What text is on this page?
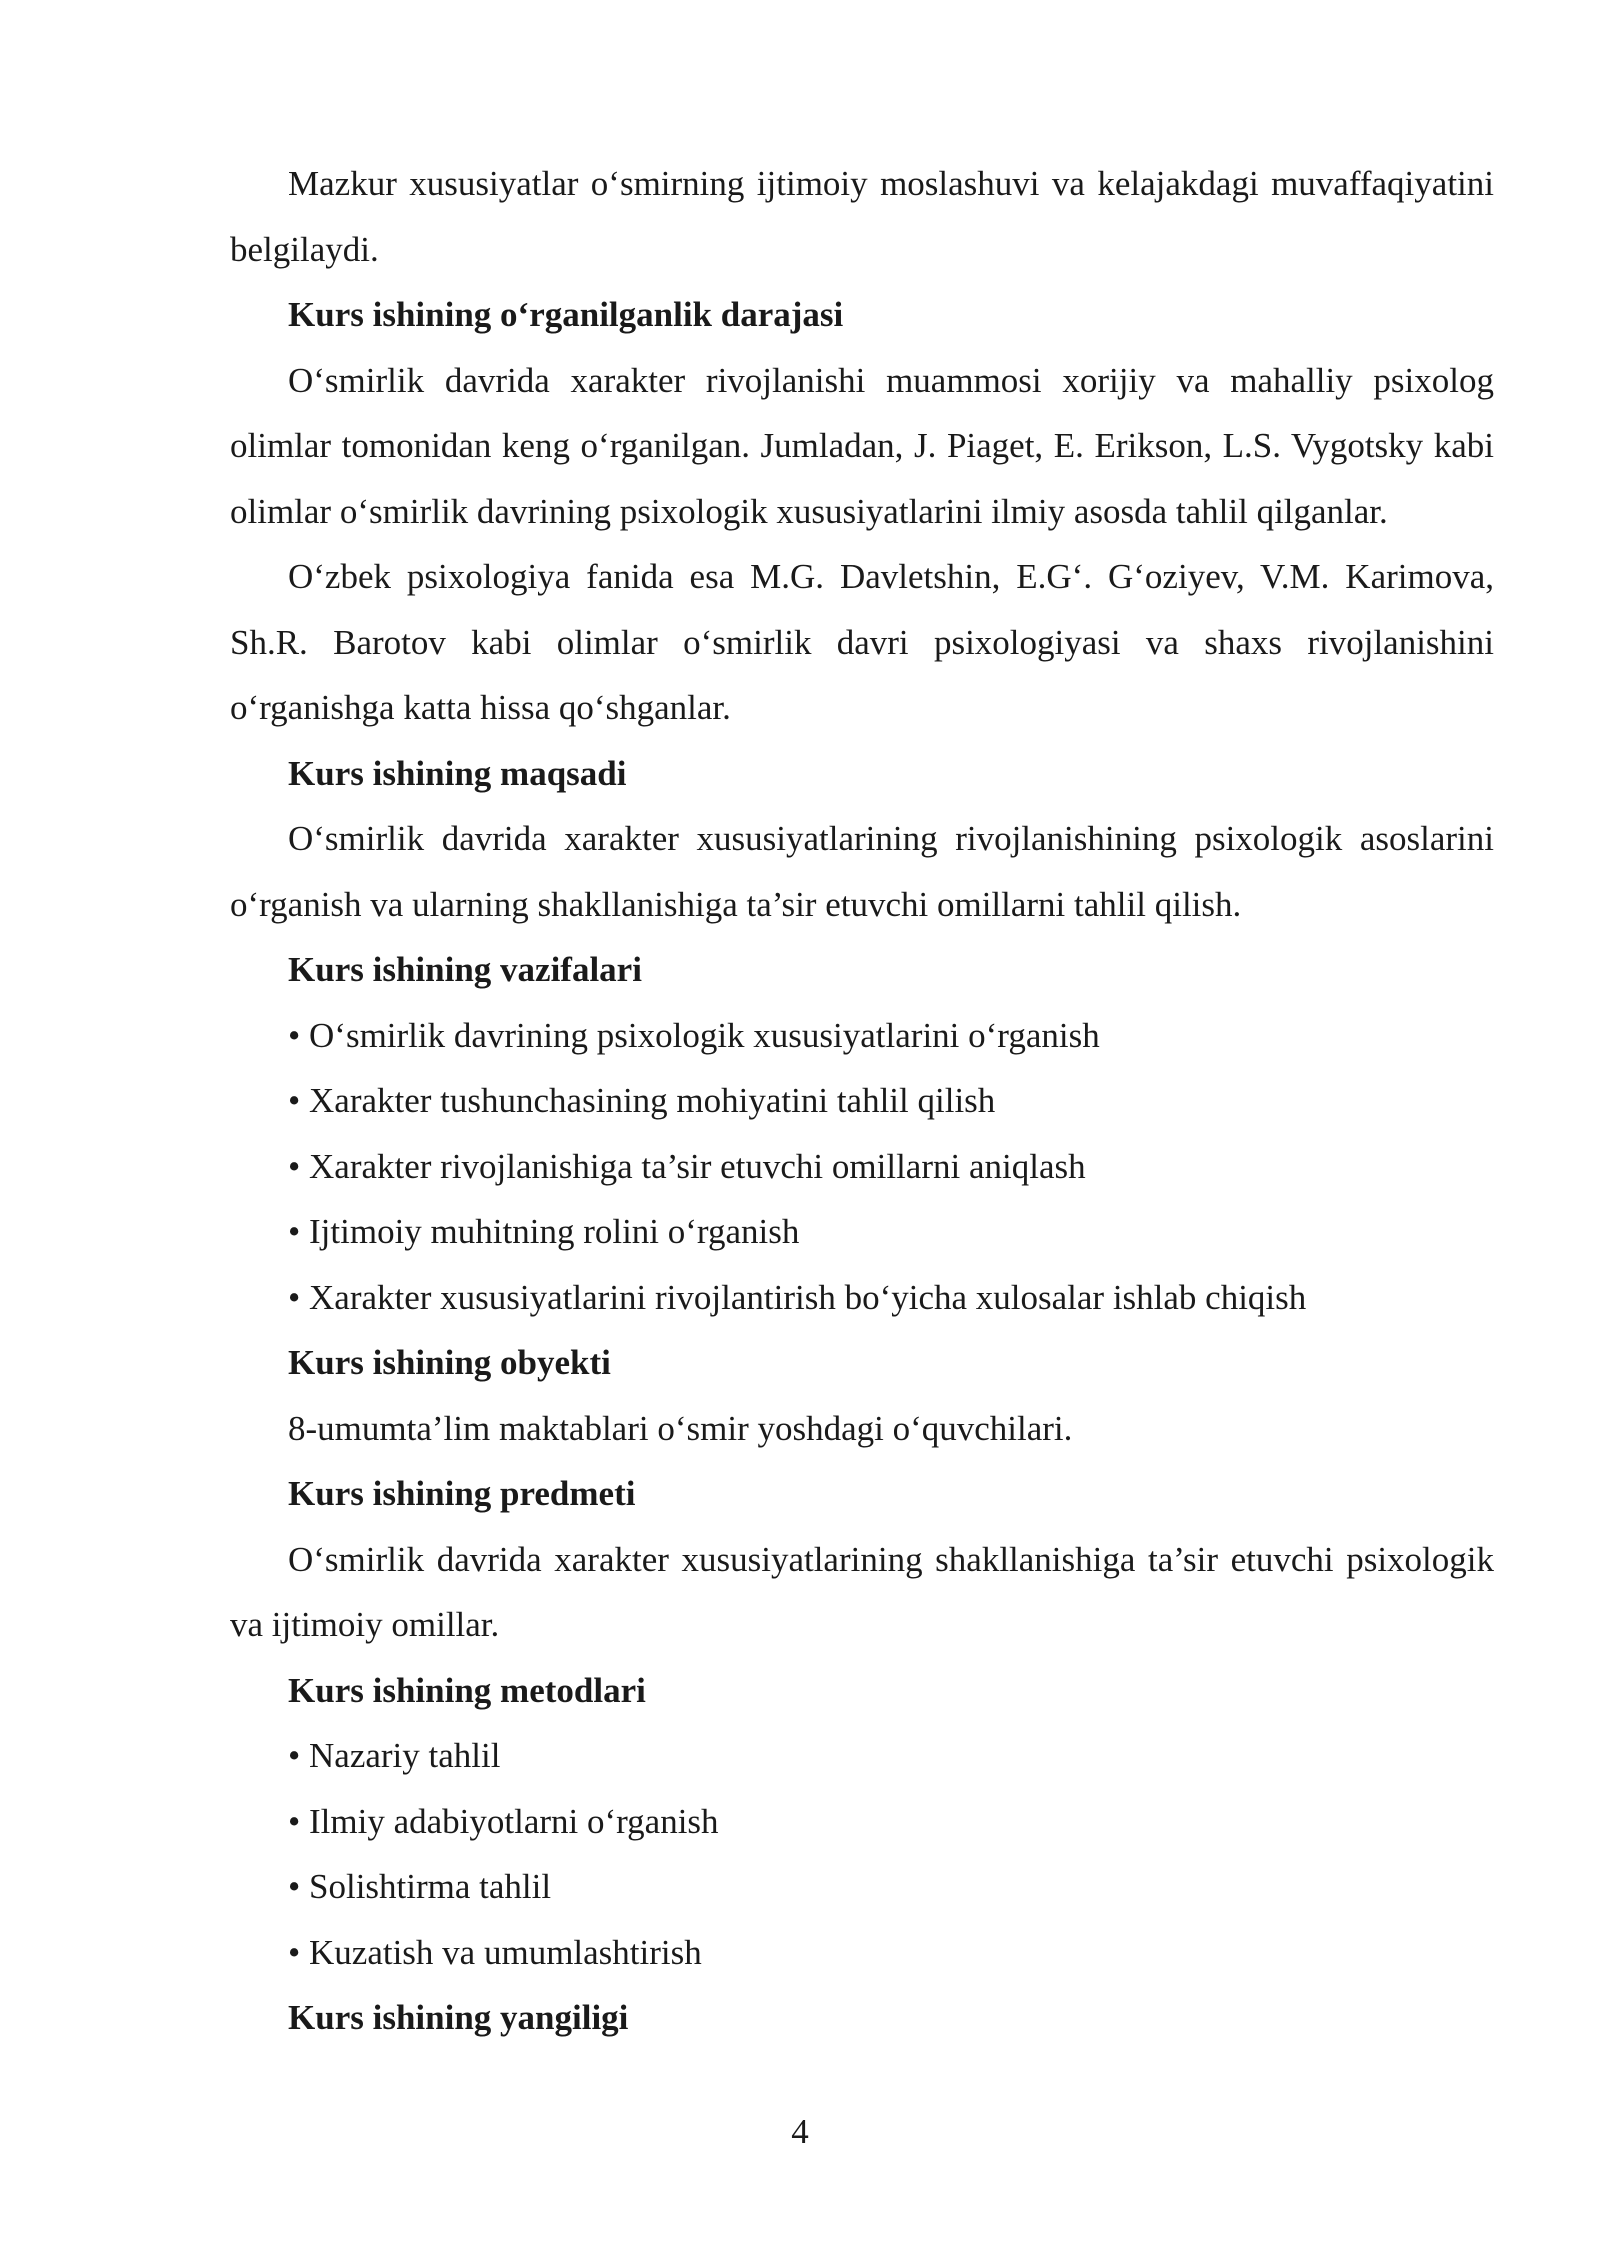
Mazkur xususiyatlar o‘smirning ijtimoiy moslashuvi va kelajakdagi muvaffaqiyatini belgilaydi.

Kurs ishining o‘rganilganlik darajasi

O‘smirlik davrida xarakter rivojlanishi muammosi xorijiy va mahalliy psixolog olimlar tomonidan keng o‘rganilgan. Jumladan, J. Piaget, E. Erikson, L.S. Vygotsky kabi olimlar o‘smirlik davrining psixologik xususiyatlarini ilmiy asosda tahlil qilganlar.

O‘zbek psixologiya fanida esa M.G. Davletshin, E.G‘. G‘oziyev, V.M. Karimova, Sh.R. Barotov kabi olimlar o‘smirlik davri psixologiyasi va shaxs rivojlanishini o‘rganishga katta hissa qo‘shganlar.

Kurs ishining maqsadi

O‘smirlik davrida xarakter xususiyatlarining rivojlanishining psixologik asoslarini o‘rganish va ularning shakllanishiga ta’sir etuvchi omillarni tahlil qilish.

Kurs ishining vazifalari

• O‘smirlik davrining psixologik xususiyatlarini o‘rganish
• Xarakter tushunchasining mohiyatini tahlil qilish
• Xarakter rivojlanishiga ta’sir etuvchi omillarni aniqlash
• Ijtimoiy muhitning rolini o‘rganish
• Xarakter xususiyatlarini rivojlantirish bo‘yicha xulosalar ishlab chiqish

Kurs ishining obyekti

8-umumta’lim maktablari o‘smir yoshdagi o‘quvchilari.

Kurs ishining predmeti

O‘smirlik davrida xarakter xususiyatlarining shakllanishiga ta’sir etuvchi psixologik va ijtimoiy omillar.

Kurs ishining metodlari

• Nazariy tahlil
• Ilmiy adabiyotlarni o‘rganish
• Solishtirma tahlil
• Kuzatish va umumlashtirish

Kurs ishining yangiligi

4
